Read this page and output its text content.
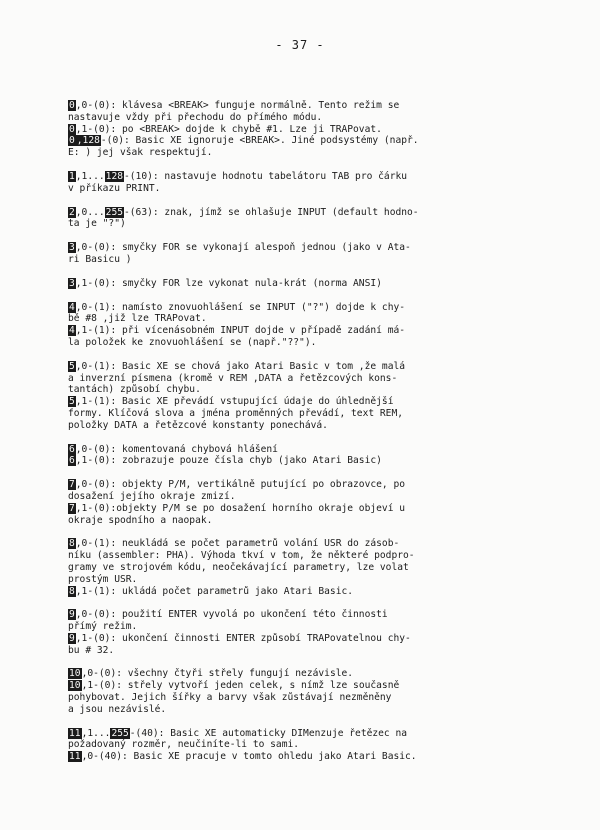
- 37 -
0,0-(0): klávesa <BREAK> funguje normálně. Tento režim se
nastavuje vždy při přechodu do přímého módu.
0,1-(0): po <BREAK> dojde k chybě #1. Lze ji TRAPovat.
0 ,128-(0): Basic XE ignoruje <BREAK>. Jiné podsystémy (např.
E: ) jej však respektují.
1,1...128-(10): nastavuje hodnotu tabelátoru TAB pro čárku
v příkazu PRINT.
2,0...255-(63): znak, jímž se ohlašuje INPUT (default hodno-
ta je "?")
3,0-(0): smyčky FOR se vykonají alespoň jednou (jako v Ata-
ri Basicu )
3,1-(0): smyčky FOR lze vykonat nula-krát (norma ANSI)
4,0-(1): namísto znovuohlášení se INPUT ("?") dojde k chy-
bě #8 ,již lze TRAPovat.
4,1-(1): při vícenásobném INPUT dojde v případě zadání má-
la položek ke znovuohlášení se (např."??").
5,0-(1): Basic XE se chová jako Atari Basic v tom ,že malá
a inverzní písmena (kromě v REM ,DATA a řetězcových kons-
tantách) způsobí chybu.
5,1-(1): Basic XE převádí vstupující údaje do úhlednější
formy. Klíčová slova a jména proměnných převádí, text REM,
položky DATA a řetězcové konstanty ponechává.
6,0-(0): komentovaná chybová hlášení
6,1-(0): zobrazuje pouze čísla chyb (jako Atari Basic)
7,0-(0): objekty P/M, vertikálně putující po obrazovce, po
dosažení jejího okraje zmizí.
7,1-(0):objekty P/M se po dosažení horního okraje objeví u
okraje spodního a naopak.
8,0-(1): neukládá se počet parametrů volání USR do zásob-
níku (assembler: PHA). Výhoda tkví v tom, že některé podpro-
gramy ve strojovém kódu, neočekávající parametry, lze volat
prostým USR.
8,1-(1): ukládá počet parametrů jako Atari Basic.
9,0-(0): použití ENTER vyvolá po ukončení této činnosti
přímý režim.
9,1-(0): ukončení činnosti ENTER způsobí TRAPovatelnou chy-
bu # 32.
10,0-(0): všechny čtyři střely fungují nezávisle.
10,1-(0): střely vytvoří jeden celek, s nímž lze současně
pohybovat. Jejich šířky a barvy však zůstávají nezměněny
a jsou nezávislé.
11,1...255-(40): Basic XE automaticky DIMenzuje řetězec na
požadovaný rozměr, neučiníte-li to sami.
11,0-(40): Basic XE pracuje v tomto ohledu jako Atari Basic.
